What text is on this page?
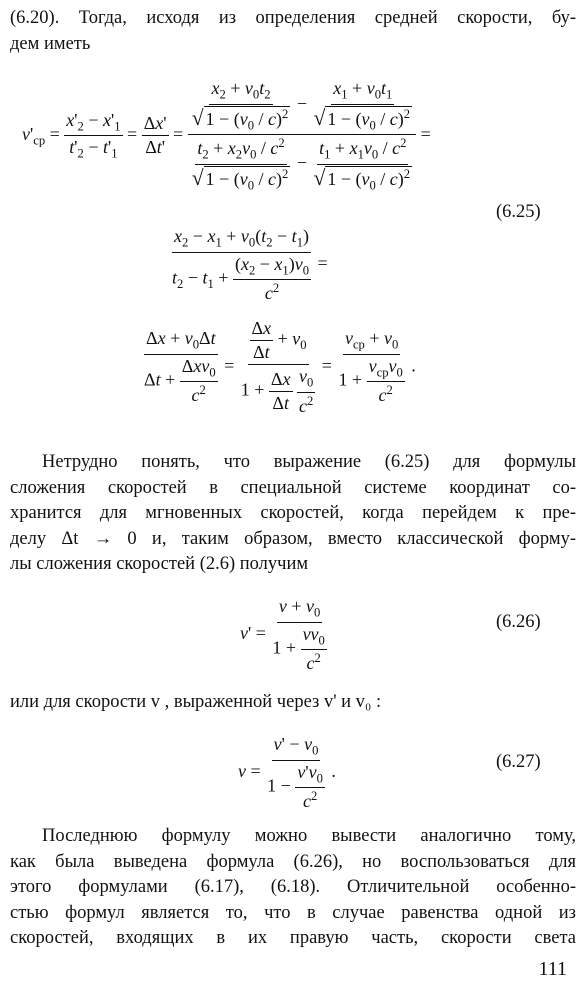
(6.20). Тогда, исходя из определения средней скорости, бу-
дем иметь
$v'_{ср} = \frac{x'_2 - x'_1}{t'_2 - t'_1} = \frac{\Delta x'}{\Delta t'}$ =
$\frac{x_2 + v_0t_2}{√ 1 - (v_0 / c)^2} - \frac{x_1 + v_0t_1}{√ 1 - (v_0 / c)^2}$
$\frac{t_2 + x_2v_0 / c^2}{√ 1 - (v_0 / c)^2} - \frac{t_1 + x_1v_0 / c^2}{√ 1 - (v_0 / c)^2}$
=
(6.25)
$\frac{x_2 - x_1 + v_0(t_2 - t_1)}{t_2 - t_1 + \frac{(x_2 - x_1)v_0}{c^2}}$ =
$\frac{\Delta x + v_0\Delta t}{\Delta t + \frac{\Delta xv_0}{c^2}} = \frac{\Delta x}{\Delta t} + v_0$
$1 + \frac{\Delta x}{\Delta t}$
$\frac{v_0}{c^2} = \frac{v_{ср} + v_0}{1 + \frac{v_{ср}v_0}{c^2}}$ .
Нетрудно понять, что выражение (6.25) для формулы
сложения скоростей в специальной системе координат со-
хранится для мгновенных скоростей, когда перейдем к пре-
делу Δt → 0 и, таким образом, вместо классической форму-
лы сложения скоростей (2.6) получим
$v' = \frac{v + v_0}{1 + \frac{vv_0}{c^2}}$	(6.26)
или для скорости v , выраженной через v' и v₀ :
$v = \frac{v' - v_0}{1 - \frac{v'v_0}{c^2}}$ .	(6.27)
Последнюю формулу можно вывести аналогично тому,
как была выведена формула (6.26), но воспользоваться для
этого формулами (6.17), (6.18). Отличительной особенно-
стью формул является то, что в случае равенства одной из
скоростей, входящих в их правую часть, скорости света
111
